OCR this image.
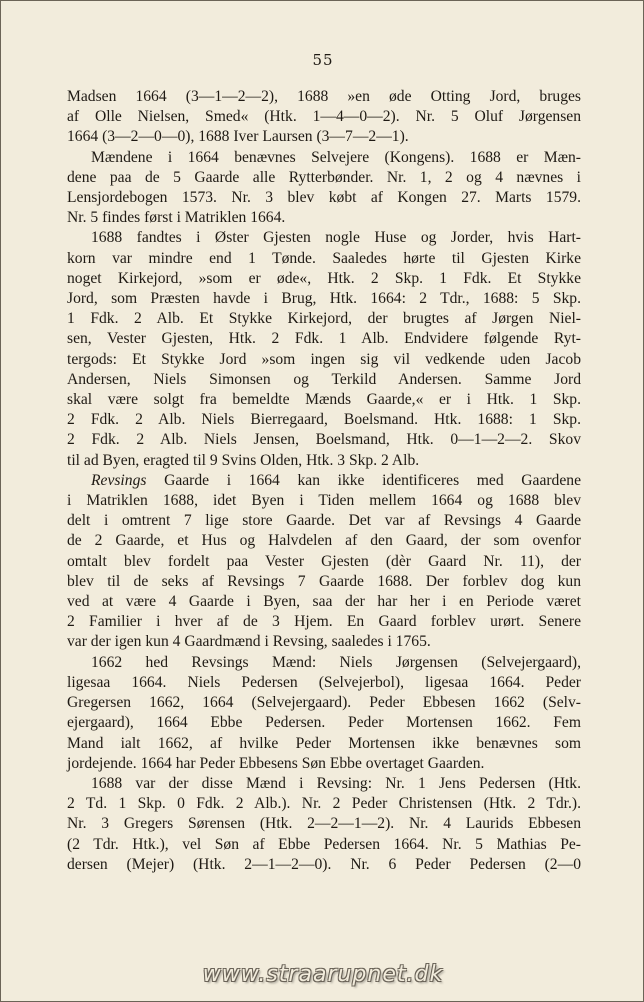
55
Madsen 1664 (3—1—2—2), 1688 »en øde Otting Jord, bruges
af Olle Nielsen, Smed« (Htk. 1—4—0—2). Nr. 5 Oluf Jørgensen
1664 (3—2—0—0), 1688 Iver Laursen (3—7—2—1).
Mændene i 1664 benævnes Selvejere (Kongens). 1688 er Mæn-
dene paa de 5 Gaarde alle Rytterbønder. Nr. 1, 2 og 4 nævnes i
Lensjordebogen 1573. Nr. 3 blev købt af Kongen 27. Marts 1579.
Nr. 5 findes først i Matriklen 1664.
1688 fandtes i Øster Gjesten nogle Huse og Jorder, hvis Hart-
korn var mindre end 1 Tønde. Saaledes hørte til Gjesten Kirke
noget Kirkejord, »som er øde«, Htk. 2 Skp. 1 Fdk. Et Stykke
Jord, som Præsten havde i Brug, Htk. 1664: 2 Tdr., 1688: 5 Skp.
1 Fdk. 2 Alb. Et Stykke Kirkejord, der brugtes af Jørgen Niel-
sen, Vester Gjesten, Htk. 2 Fdk. 1 Alb. Endvidere følgende Ryt-
tergods: Et Stykke Jord »som ingen sig vil vedkende uden Jacob
Andersen, Niels Simonsen og Terkild Andersen. Samme Jord
skal være solgt fra bemeldte Mænds Gaarde,« er i Htk. 1 Skp.
2 Fdk. 2 Alb. Niels Bierregaard, Boelsmand. Htk. 1688: 1 Skp.
2 Fdk. 2 Alb. Niels Jensen, Boelsmand, Htk. 0—1—2—2. Skov
til ad Byen, eragted til 9 Svins Olden, Htk. 3 Skp. 2 Alb.
Revsings Gaarde i 1664 kan ikke identificeres med Gaardene
i Matriklen 1688, idet Byen i Tiden mellem 1664 og 1688 blev
delt i omtrent 7 lige store Gaarde. Det var af Revsings 4 Gaarde
de 2 Gaarde, et Hus og Halvdelen af den Gaard, der som ovenfor
omtalt blev fordelt paa Vester Gjesten (dèr Gaard Nr. 11), der
blev til de seks af Revsings 7 Gaarde 1688. Der forblev dog kun
ved at være 4 Gaarde i Byen, saa der har her i en Periode været
2 Familier i hver af de 3 Hjem. En Gaard forblev urørt. Senere
var der igen kun 4 Gaardmænd i Revsing, saaledes i 1765.
1662 hed Revsings Mænd: Niels Jørgensen (Selvejergaard),
ligesaa 1664. Niels Pedersen (Selvejerbol), ligesaa 1664. Peder
Gregersen 1662, 1664 (Selvejergaard). Peder Ebbesen 1662 (Selv-
ejergaard), 1664 Ebbe Pedersen. Peder Mortensen 1662. Fem
Mand ialt 1662, af hvilke Peder Mortensen ikke benævnes som
jordejende. 1664 har Peder Ebbesens Søn Ebbe overtaget Gaarden.
1688 var der disse Mænd i Revsing: Nr. 1 Jens Pedersen (Htk.
2 Td. 1 Skp. 0 Fdk. 2 Alb.). Nr. 2 Peder Christensen (Htk. 2 Tdr.).
Nr. 3 Gregers Sørensen (Htk. 2—2—1—2). Nr. 4 Laurids Ebbesen
(2 Tdr. Htk.), vel Søn af Ebbe Pedersen 1664. Nr. 5 Mathias Pe-
dersen (Mejer) (Htk. 2—1—2—0). Nr. 6 Peder Pedersen (2—0
www.straarupnet.dk
